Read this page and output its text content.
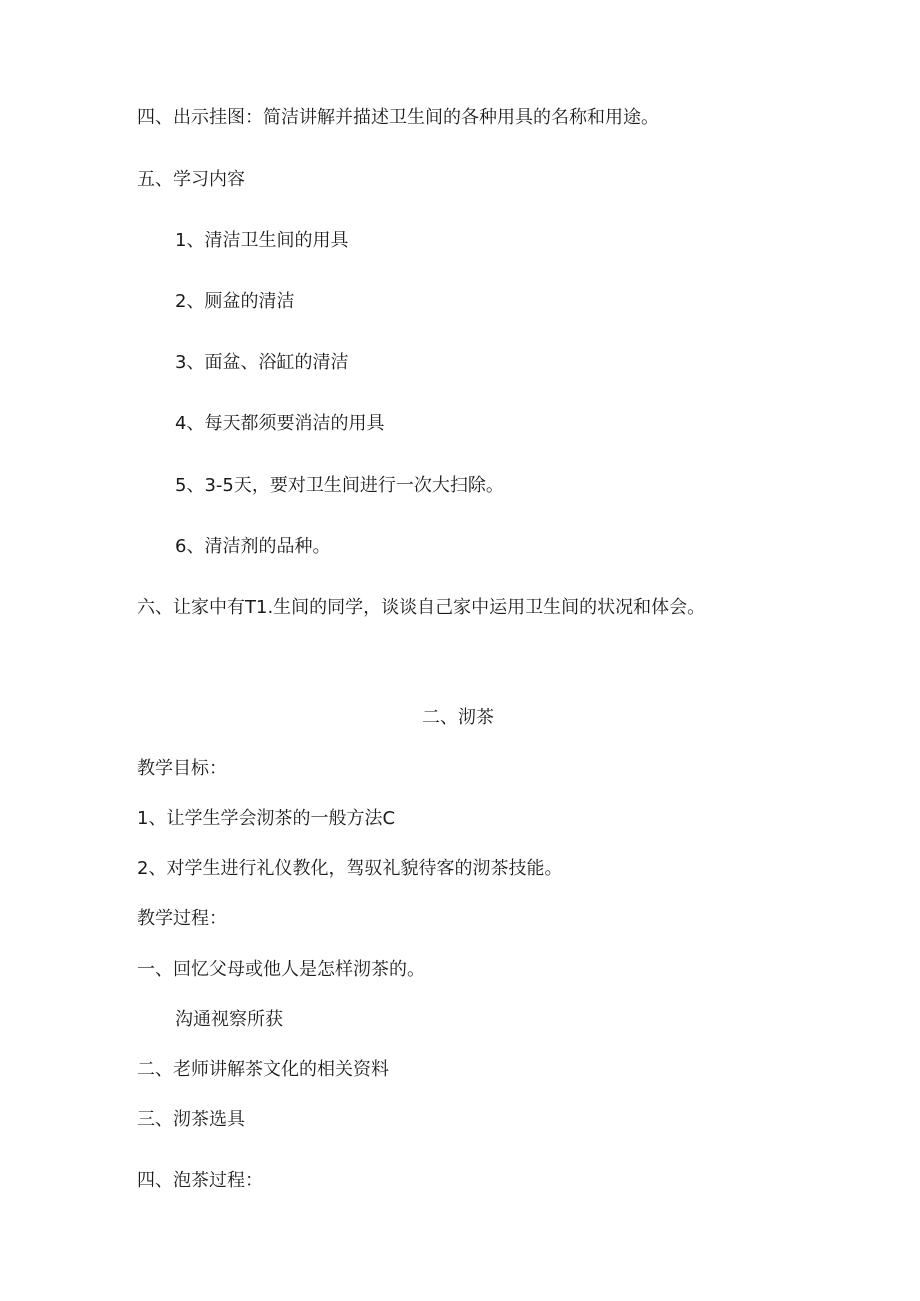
四、出示挂图：简洁讲解并描述卫生间的各种用具的名称和用途。
五、学习内容
1、清洁卫生间的用具
2、厕盆的清洁
3、面盆、浴缸的清洁
4、每天都须要消洁的用具
5、3-5天，要对卫生间进行一次大扫除。
6、清洁剂的品种。
六、让家中有T1.生间的同学，谈谈自己家中运用卫生间的状况和体会。
二、沏茶
教学目标：
1、让学生学会沏茶的一般方法C
2、对学生进行礼仪教化，驾驭礼貌待客的沏茶技能。
教学过程：
一、回忆父母或他人是怎样沏茶的。
沟通视察所获
二、老师讲解茶文化的相关资料
三、沏茶选具
四、泡茶过程：
